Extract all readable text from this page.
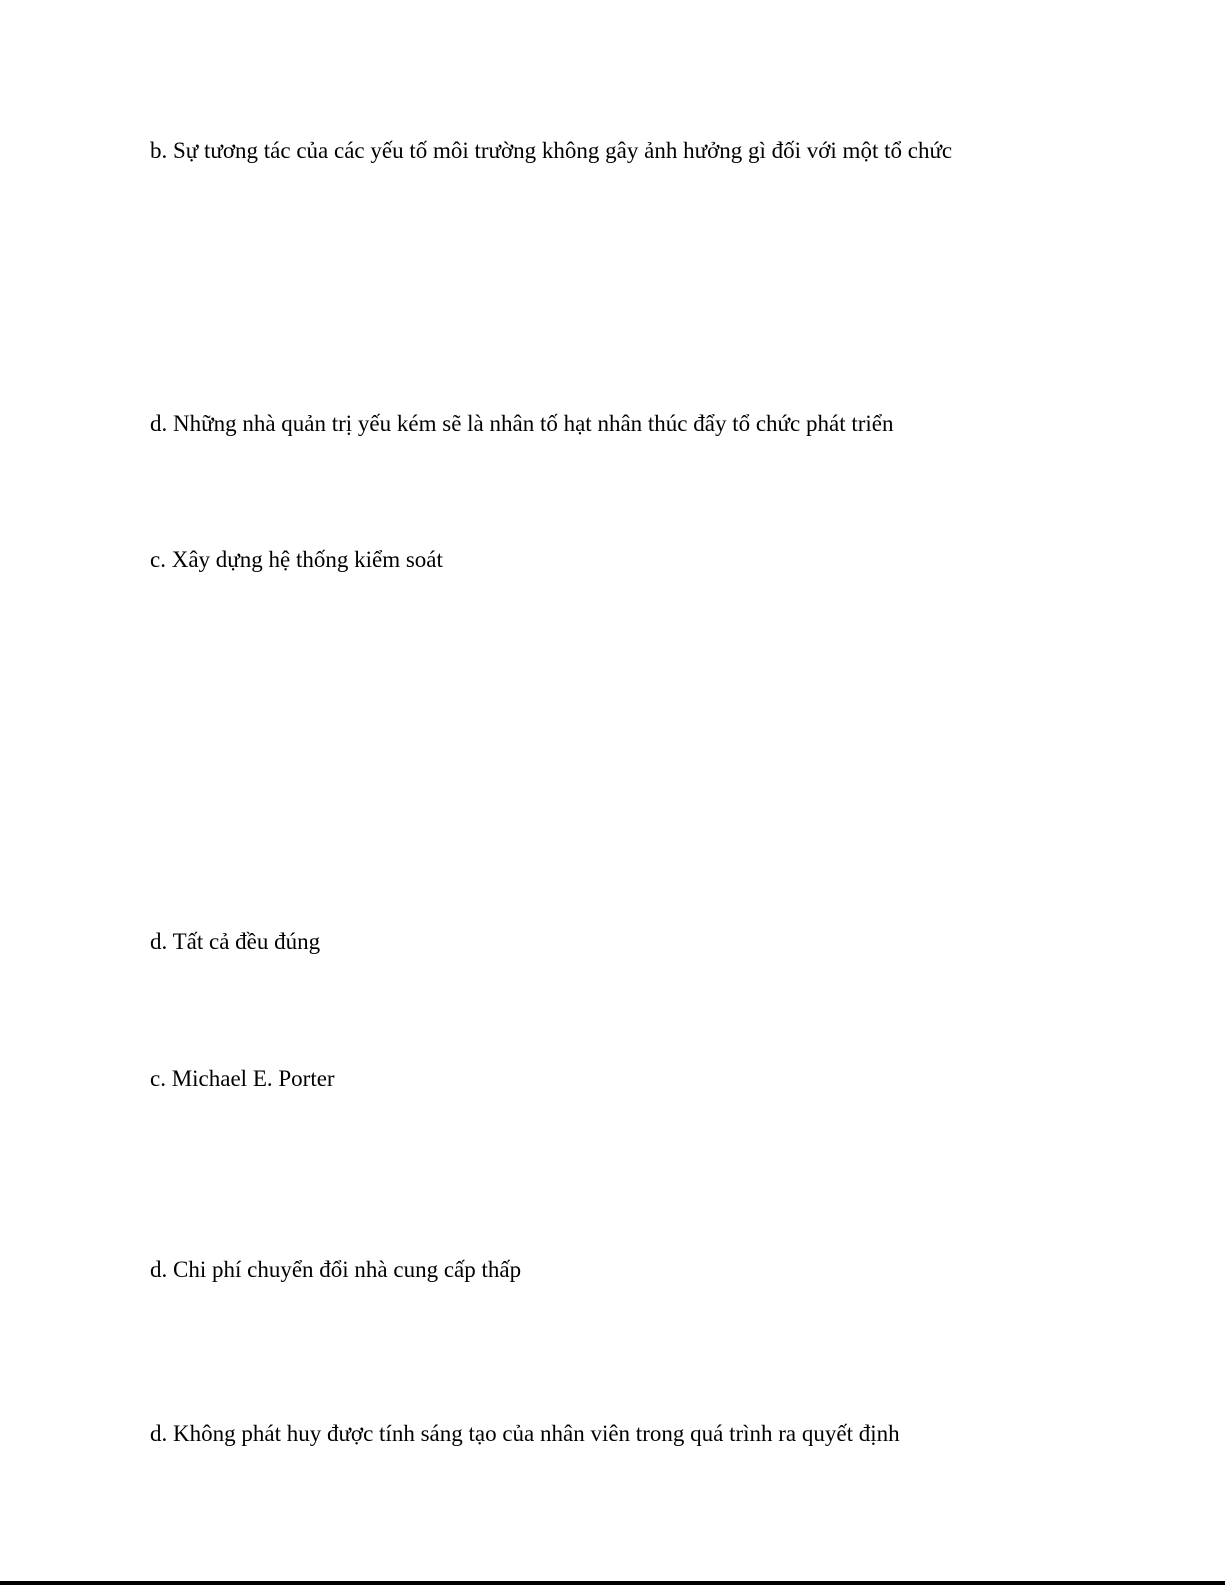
b. Sự tương tác của các yếu tố môi trường không gây ảnh hưởng gì đối với một tổ chức
d. Những nhà quản trị yếu kém sẽ là nhân tố hạt nhân thúc đẩy tổ chức phát triển
c. Xây dựng hệ thống kiểm soát
d. Tất cả đều đúng
c. Michael E. Porter
d. Chi phí chuyển đổi nhà cung cấp thấp
d. Không phát huy được tính sáng tạo của nhân viên trong quá trình ra quyết định
